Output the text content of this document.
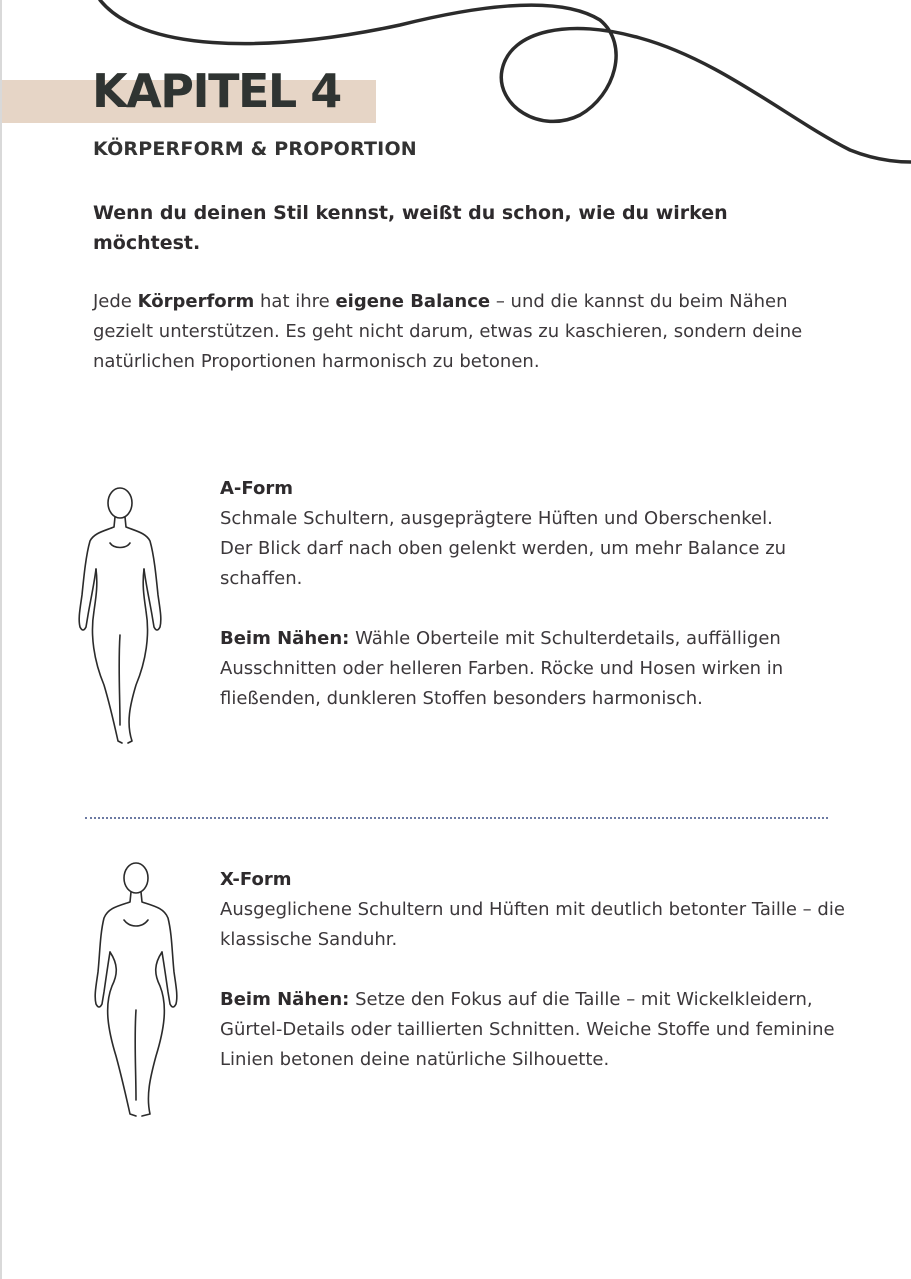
KAPITEL 4
KÖRPERFORM & PROPORTION

Wenn du deinen Stil kennst, weißt du schon, wie du wirken möchtest.

Jede Körperform hat ihre eigene Balance – und die kannst du beim Nähen gezielt unterstützen. Es geht nicht darum, etwas zu kaschieren, sondern deine natürlichen Proportionen harmonisch zu betonen.

A-Form

Schmale Schultern, ausgeprägtere Hüften und Oberschenkel.

Der Blick darf nach oben gelenkt werden, um mehr Balance zu schaffen.

Beim Nähen: Wähle Oberteile mit Schulterdetails, auffälligen Ausschnitten oder helleren Farben. Röcke und Hosen wirken in fließenden, dunkleren Stoffen besonders harmonisch.

X-Form

Ausgeglichene Schultern und Hüften mit deutlich betonter Taille – die klassische Sanduhr.

Beim Nähen: Setze den Fokus auf die Taille – mit Wickelkleidern, Gürtel-Details oder taillierten Schnitten. Weiche Stoffe und feminine Linien betonen deine natürliche Silhouette.
